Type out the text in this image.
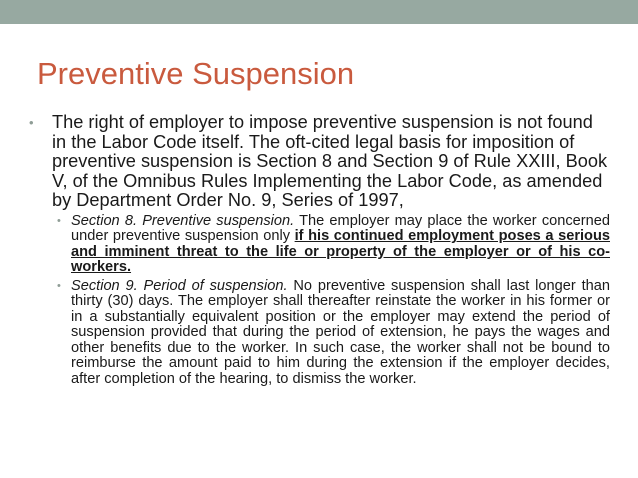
Preventive Suspension
• The right of employer to impose preventive suspension is not found in the Labor Code itself. The oft-cited legal basis for imposition of preventive suspension is Section 8 and Section 9 of Rule XXIII, Book V, of the Omnibus Rules Implementing the Labor Code, as amended by Department Order No. 9, Series of 1997,
• Section 8. Preventive suspension. The employer may place the worker concerned under preventive suspension only if his continued employment poses a serious and imminent threat to the life or property of the employer or of his co-workers.
• Section 9. Period of suspension. No preventive suspension shall last longer than thirty (30) days. The employer shall thereafter reinstate the worker in his former or in a substantially equivalent position or the employer may extend the period of suspension provided that during the period of extension, he pays the wages and other benefits due to the worker. In such case, the worker shall not be bound to reimburse the amount paid to him during the extension if the employer decides, after completion of the hearing, to dismiss the worker.
